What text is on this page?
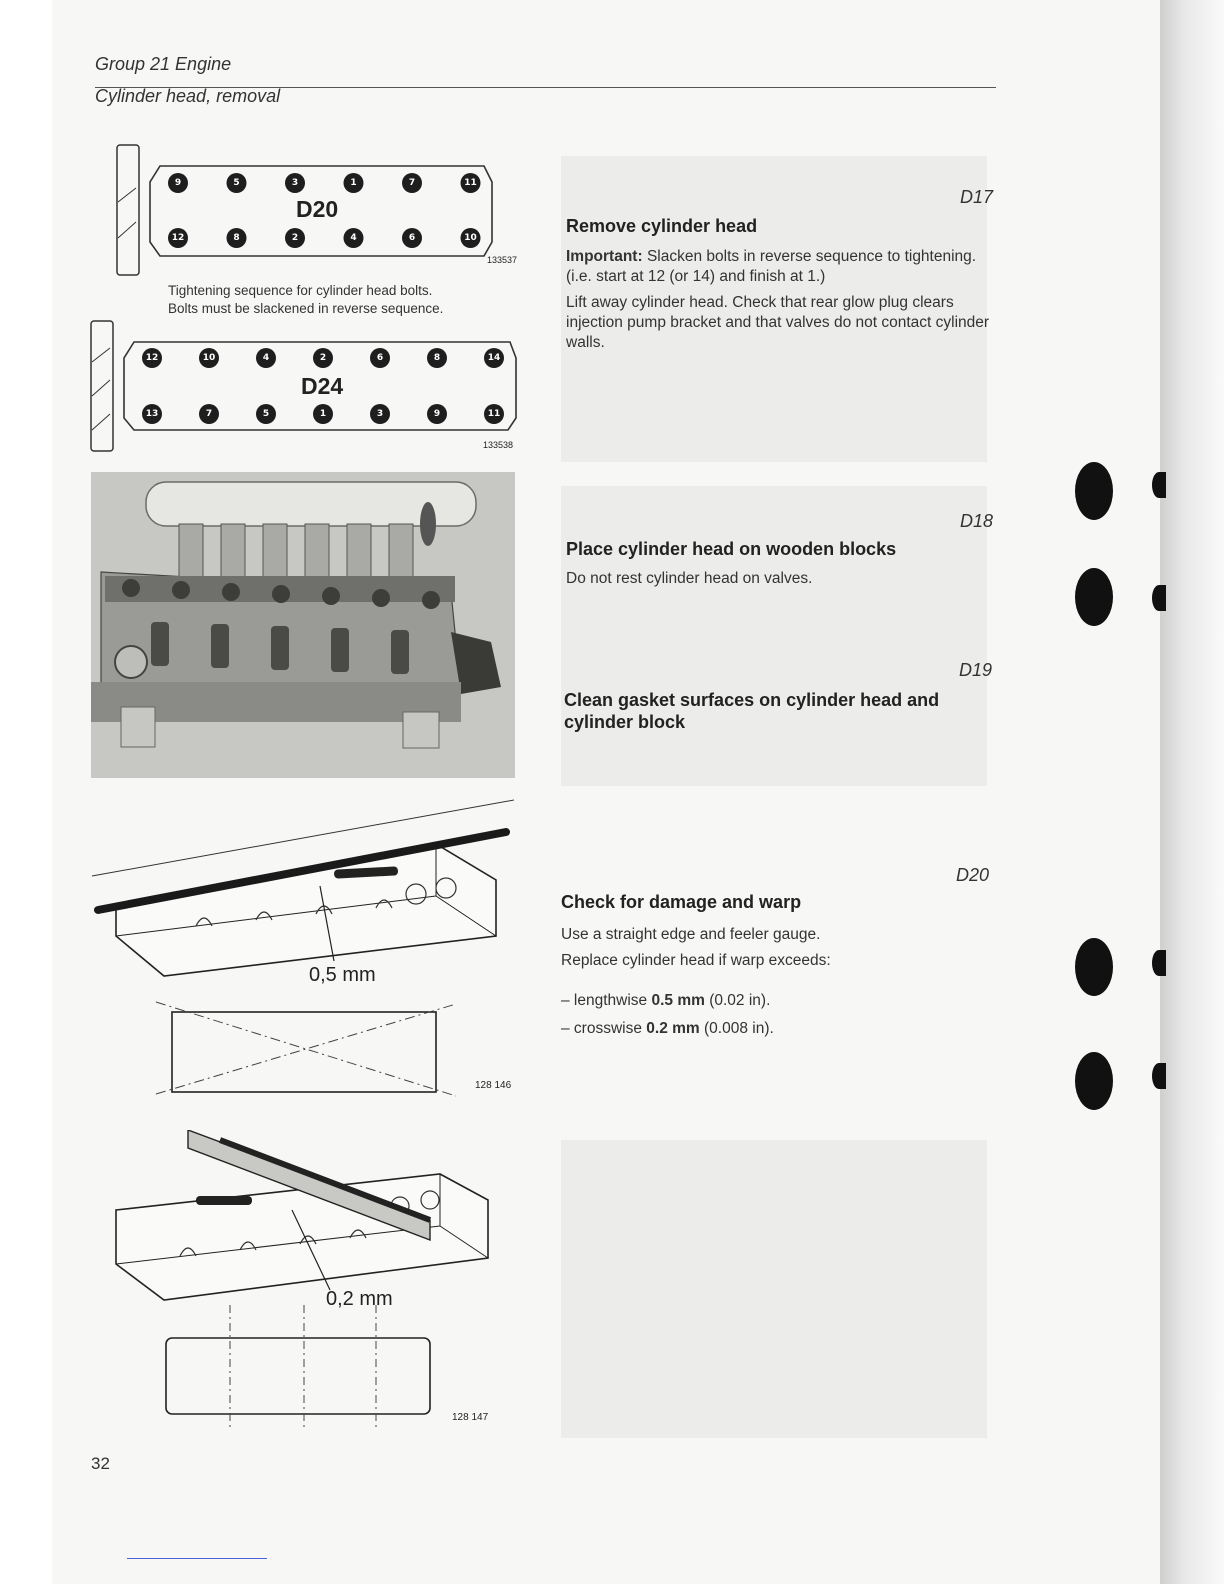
Group 21 Engine
Cylinder head, removal
9	5	3	1	7	11
12	8	2	4	6	10
D20
133537
Tightening sequence for cylinder head bolts.
Bolts must be slackened in reverse sequence.
12	10	4	2	6	8	14
13	7	5	1	3	9	11
D24
133538
0,5 mm
128 146
0,2 mm
128 147
D17
Remove cylinder head
Important: Slacken bolts in reverse sequence to tightening. (i.e. start at 12 (or 14) and finish at 1.)
Lift away cylinder head. Check that rear glow plug clears injection pump bracket and that valves do not contact cylinder walls.
D18
Place cylinder head on wooden blocks
Do not rest cylinder head on valves.
D19
Clean gasket surfaces on cylinder head and cylinder block
D20
Check for damage and warp
Use a straight edge and feeler gauge.
Replace cylinder head if warp exceeds:
– lengthwise 0.5 mm (0.02 in).
– crosswise 0.2 mm (0.008 in).
32
